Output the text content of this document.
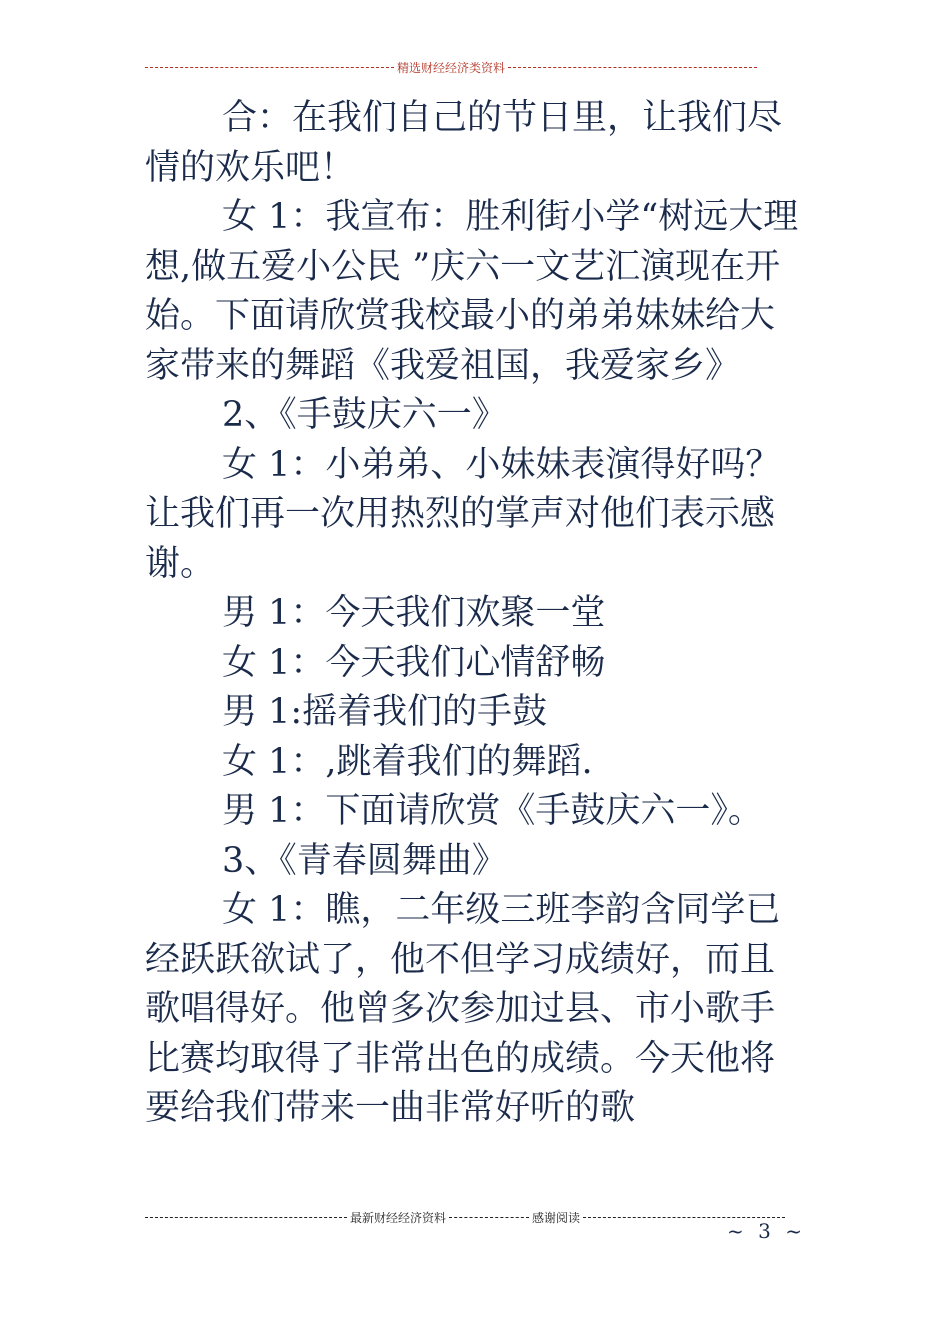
精选财经经济类资料

合：在我们自己的节日里，让我们尽情的欢乐吧！

女 1：我宣布：胜利街小学“树远大理想,做五爱小公民 ”庆六一文艺汇演现在开始。下面请欣赏我校最小的弟弟妹妹给大家带来的舞蹈《我爱祖国，我爱家乡》

2、《手鼓庆六一》

女 1：小弟弟、小妹妹表演得好吗？让我们再一次用热烈的掌声对他们表示感谢。

男 1：今天我们欢聚一堂

女 1：今天我们心情舒畅

男 1:摇着我们的手鼓

女 1：,跳着我们的舞蹈.

男 1：下面请欣赏《手鼓庆六一》。

3、《青春圆舞曲》

女 1：瞧，二年级三班李韵含同学已经跃跃欲试了，他不但学习成绩好，而且歌唱得好。他曾多次参加过县、市小歌手比赛均取得了非常出色的成绩。今天他将要给我们带来一曲非常好听的歌

最新财经经济资料	感谢阅读
~ 3 ~
